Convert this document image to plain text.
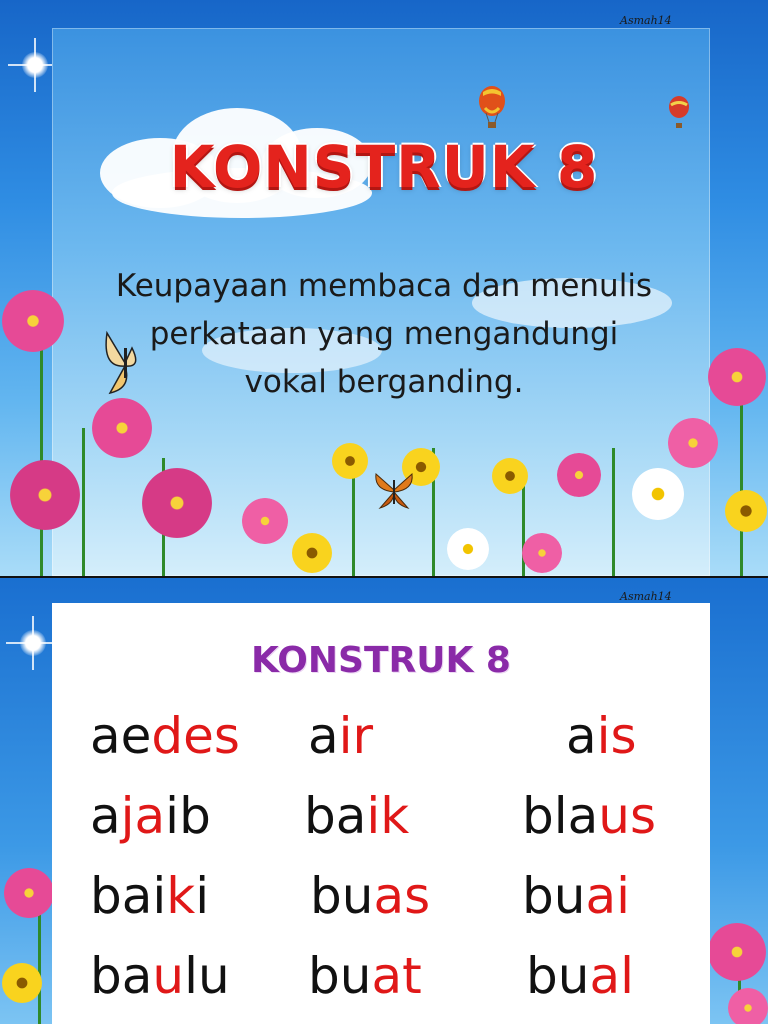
Asmah14
KONSTRUK 8
Keupayaan membaca dan menulis
perkataan yang mengandungi
vokal berganding.
Asmah14
KONSTRUK 8
aedes air	ais
ajaib baik blaus
baiki buas buai
baulu buat bual
